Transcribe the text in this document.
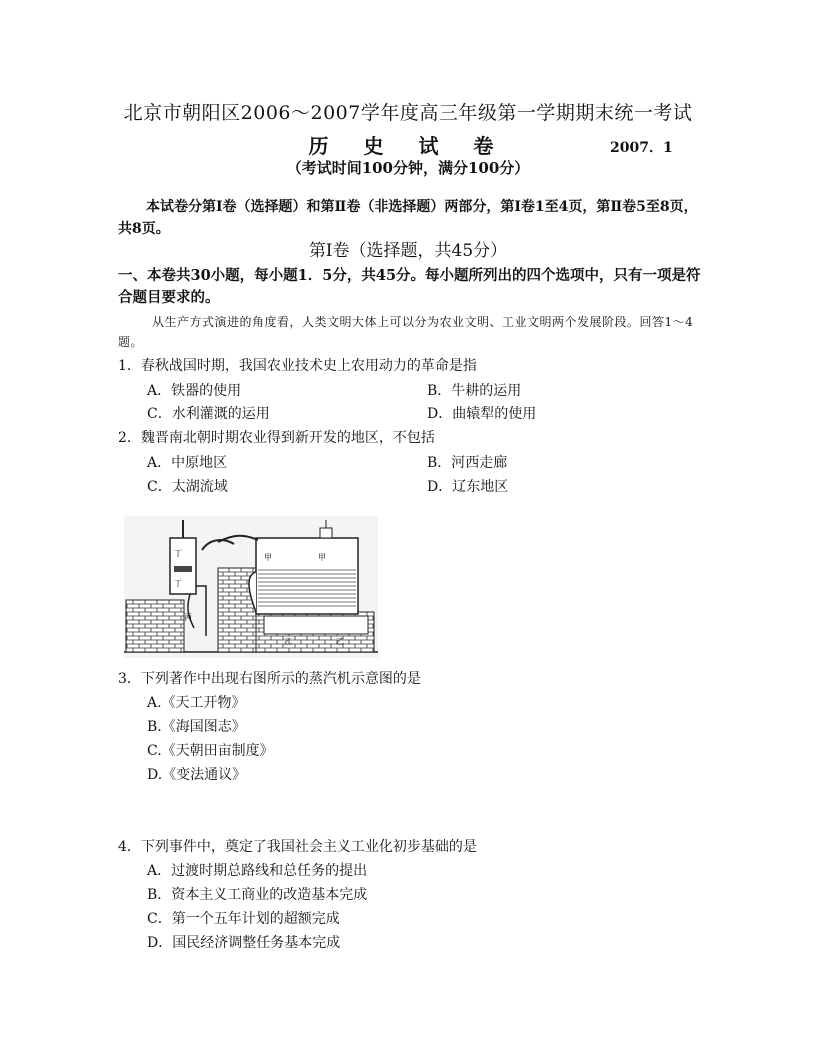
北京市朝阳区2006～2007学年度高三年级第一学期期末统一考试
历 史 试 卷	2007．1
（考试时间100分钟，满分100分）
本试卷分第Ⅰ卷（选择题）和第Ⅱ卷（非选择题）两部分，第Ⅰ卷1至4页，第Ⅱ卷5至8页，共8页。
第Ⅰ卷（选择题，共45分）
一、本卷共30小题，每小题1．5分，共45分。每小题所列出的四个选项中，只有一项是符合题目要求的。
从生产方式演进的角度看，人类文明大体上可以分为农业文明、工业文明两个发展阶段。回答1～4题。
1．春秋战国时期，我国农业技术史上农用动力的革命是指
A．铁器的使用	B．牛耕的运用
C．水利灌溉的运用	D．曲辕犁的使用
2．魏晋南北朝时期农业得到新开发的地区，不包括
A．中原地区	B．河西走廊
C．太湖流域	D．辽东地区
甲	甲
乙	乙
丁
丁
丙
3．下列著作中出现右图所示的蒸汽机示意图的是
A.《天工开物》
B.《海国图志》
C.《天朝田亩制度》
D.《变法通议》
4．下列事件中，奠定了我国社会主义工业化初步基础的是
A．过渡时期总路线和总任务的提出
B．资本主义工商业的改造基本完成
C．第一个五年计划的超额完成
D．国民经济调整任务基本完成
